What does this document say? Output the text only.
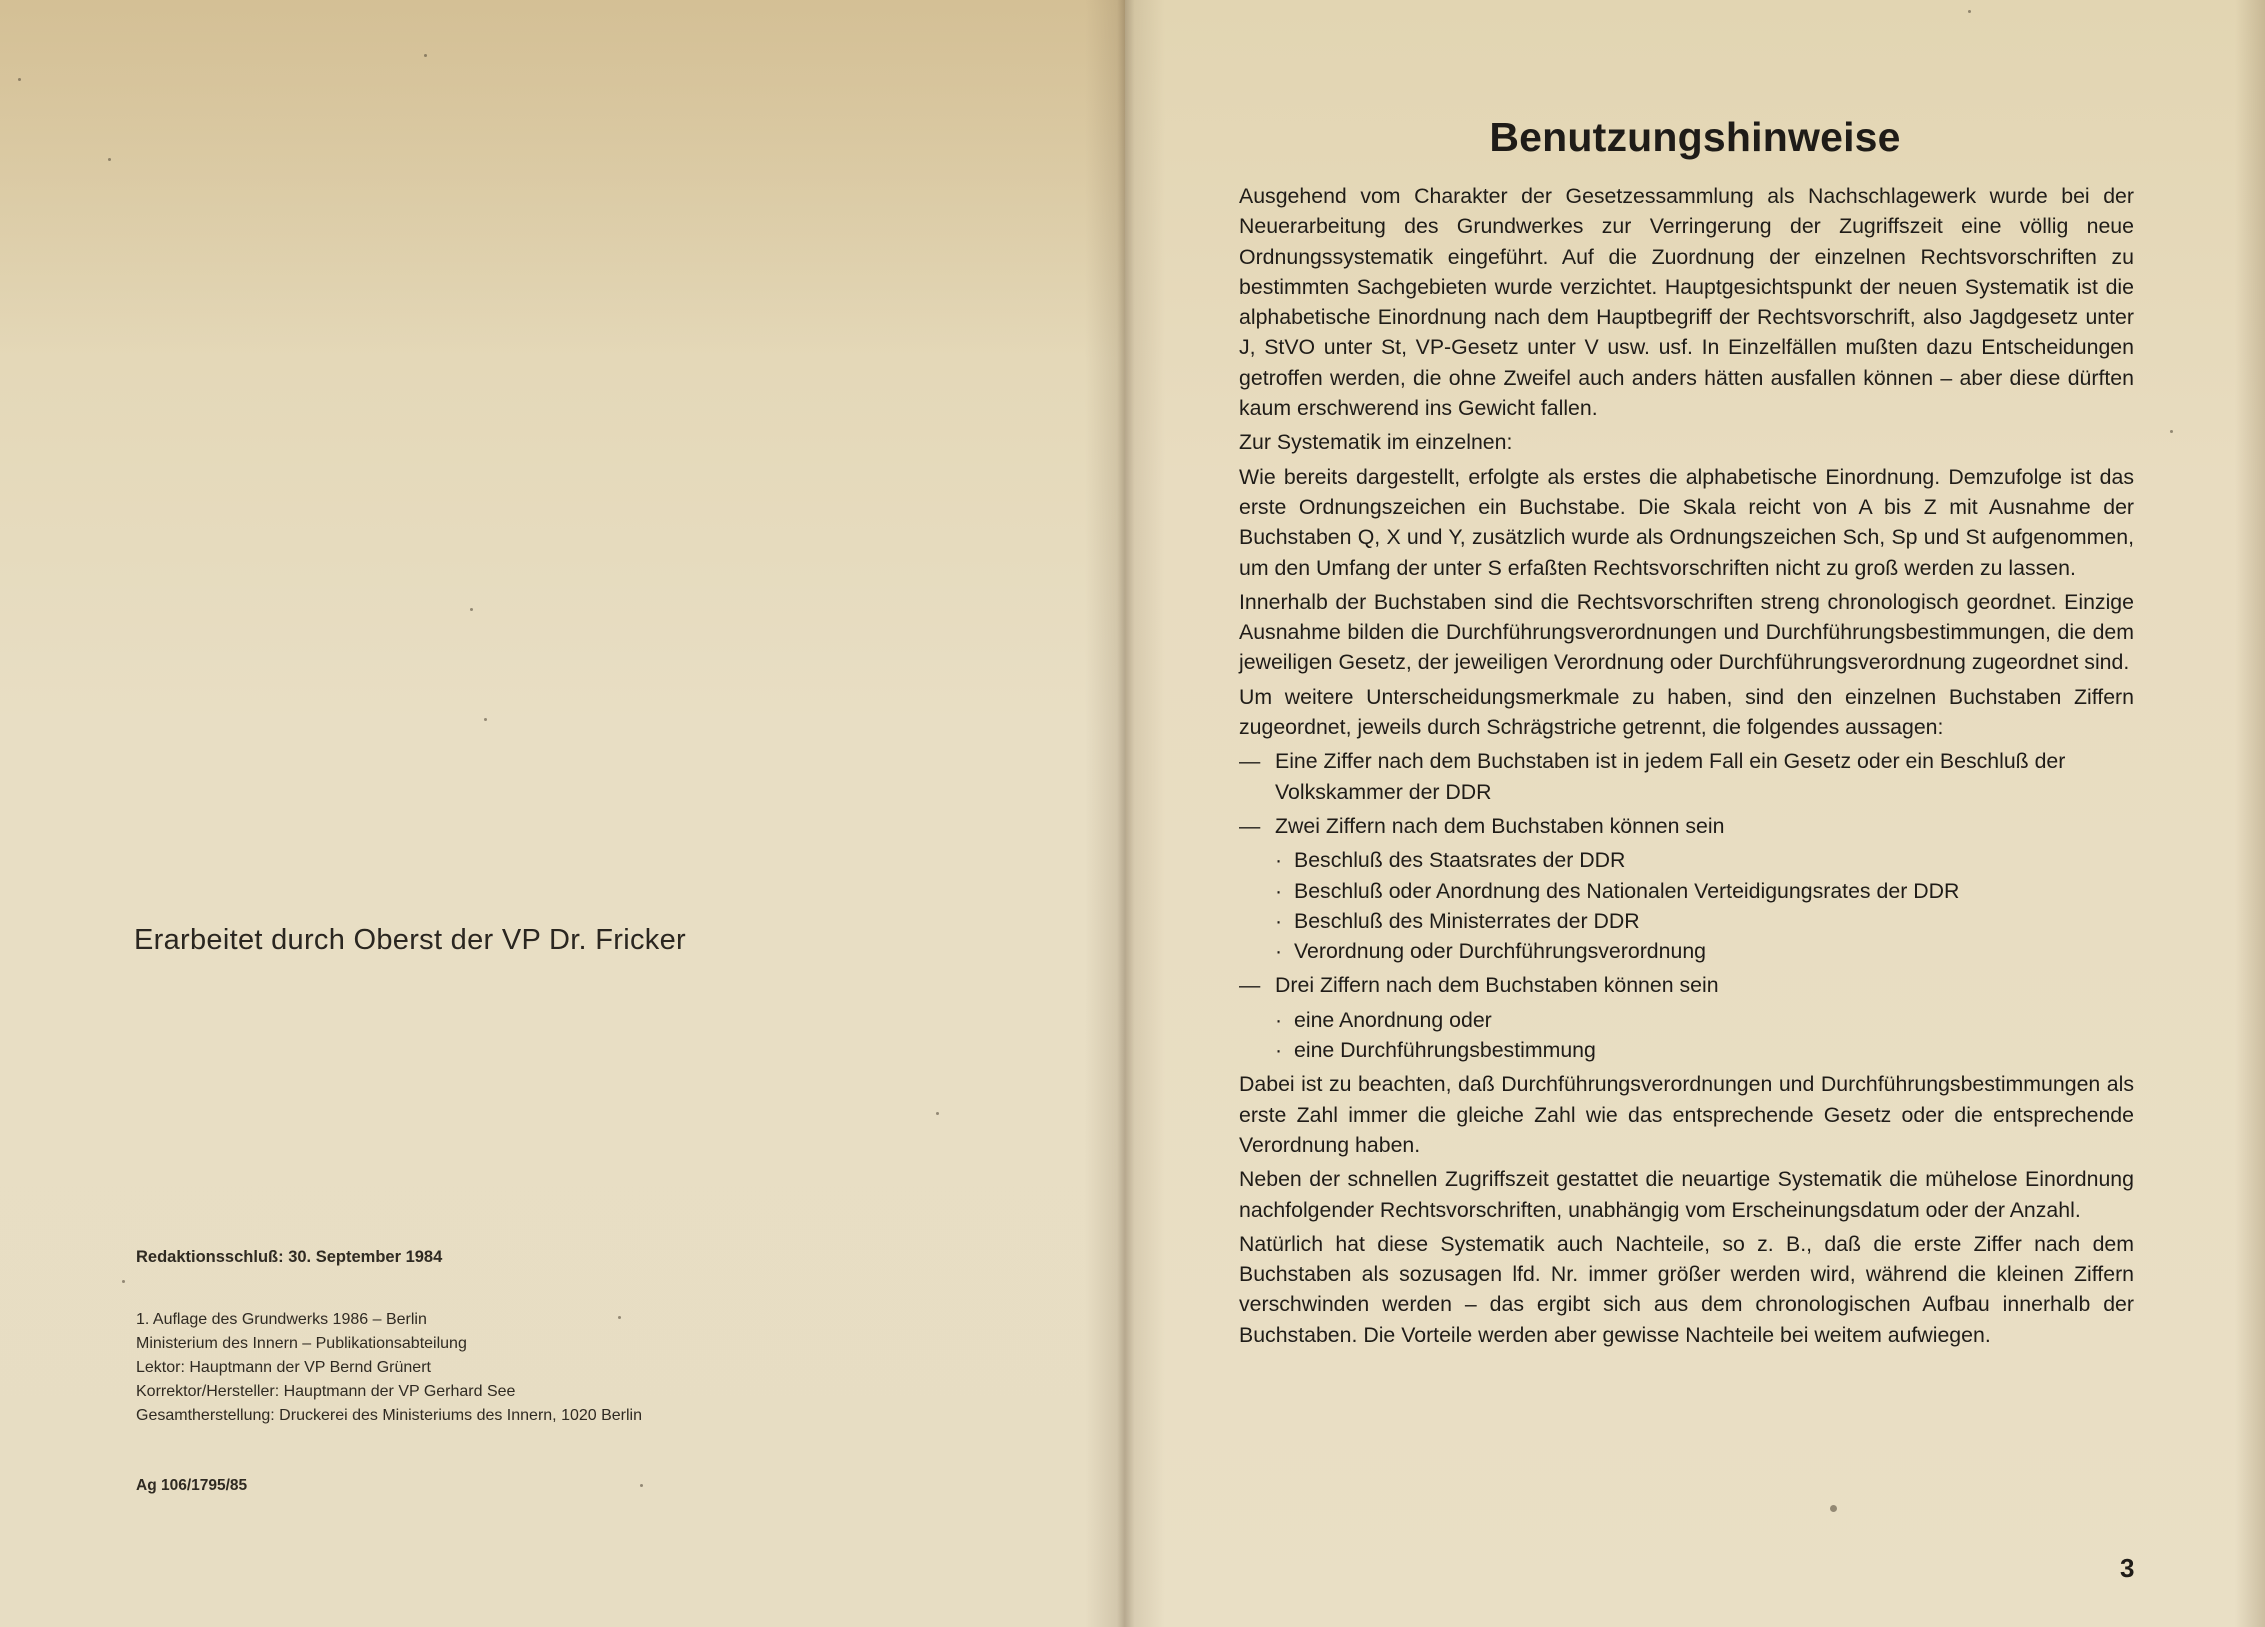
Erarbeitet durch Oberst der VP Dr. Fricker
Redaktionsschluß: 30. September 1984
1. Auflage des Grundwerks 1986 – Berlin
Ministerium des Innern – Publikationsabteilung
Lektor: Hauptmann der VP Bernd Grünert
Korrektor/Hersteller: Hauptmann der VP Gerhard See
Gesamtherstellung: Druckerei des Ministeriums des Innern, 1020 Berlin
Ag 106/1795/85
Benutzungshinweise
Ausgehend vom Charakter der Gesetzessammlung als Nachschlagewerk wurde bei der Neuerarbeitung des Grundwerkes zur Verringerung der Zugriffszeit eine völlig neue Ordnungssystematik eingeführt. Auf die Zuordnung der einzelnen Rechtsvorschriften zu bestimmten Sachgebieten wurde verzichtet. Hauptgesichtspunkt der neuen Systematik ist die alphabetische Einordnung nach dem Hauptbegriff der Rechtsvorschrift, also Jagdgesetz unter J, StVO unter St, VP-Gesetz unter V usw. usf. In Einzelfällen mußten dazu Entscheidungen getroffen werden, die ohne Zweifel auch anders hätten ausfallen können – aber diese dürften kaum erschwerend ins Gewicht fallen.
Zur Systematik im einzelnen:
Wie bereits dargestellt, erfolgte als erstes die alphabetische Einordnung. Demzufolge ist das erste Ordnungszeichen ein Buchstabe. Die Skala reicht von A bis Z mit Ausnahme der Buchstaben Q, X und Y, zusätzlich wurde als Ordnungszeichen Sch, Sp und St aufgenommen, um den Umfang der unter S erfaßten Rechtsvorschriften nicht zu groß werden zu lassen.
Innerhalb der Buchstaben sind die Rechtsvorschriften streng chronologisch geordnet. Einzige Ausnahme bilden die Durchführungsverordnungen und Durchführungsbestimmungen, die dem jeweiligen Gesetz, der jeweiligen Verordnung oder Durchführungsverordnung zugeordnet sind.
Um weitere Unterscheidungsmerkmale zu haben, sind den einzelnen Buchstaben Ziffern zugeordnet, jeweils durch Schrägstriche getrennt, die folgendes aussagen:
— Eine Ziffer nach dem Buchstaben ist in jedem Fall ein Gesetz oder ein Beschluß der Volkskammer der DDR
— Zwei Ziffern nach dem Buchstaben können sein
· Beschluß des Staatsrates der DDR
· Beschluß oder Anordnung des Nationalen Verteidigungsrates der DDR
· Beschluß des Ministerrates der DDR
· Verordnung oder Durchführungsverordnung
— Drei Ziffern nach dem Buchstaben können sein
· eine Anordnung oder
· eine Durchführungsbestimmung
Dabei ist zu beachten, daß Durchführungsverordnungen und Durchführungsbestimmungen als erste Zahl immer die gleiche Zahl wie das entsprechende Gesetz oder die entsprechende Verordnung haben.
Neben der schnellen Zugriffszeit gestattet die neuartige Systematik die mühelose Einordnung nachfolgender Rechtsvorschriften, unabhängig vom Erscheinungsdatum oder der Anzahl.
Natürlich hat diese Systematik auch Nachteile, so z. B., daß die erste Ziffer nach dem Buchstaben als sozusagen lfd. Nr. immer größer werden wird, während die kleinen Ziffern verschwinden werden – das ergibt sich aus dem chronologischen Aufbau innerhalb der Buchstaben. Die Vorteile werden aber gewisse Nachteile bei weitem aufwiegen.
3
